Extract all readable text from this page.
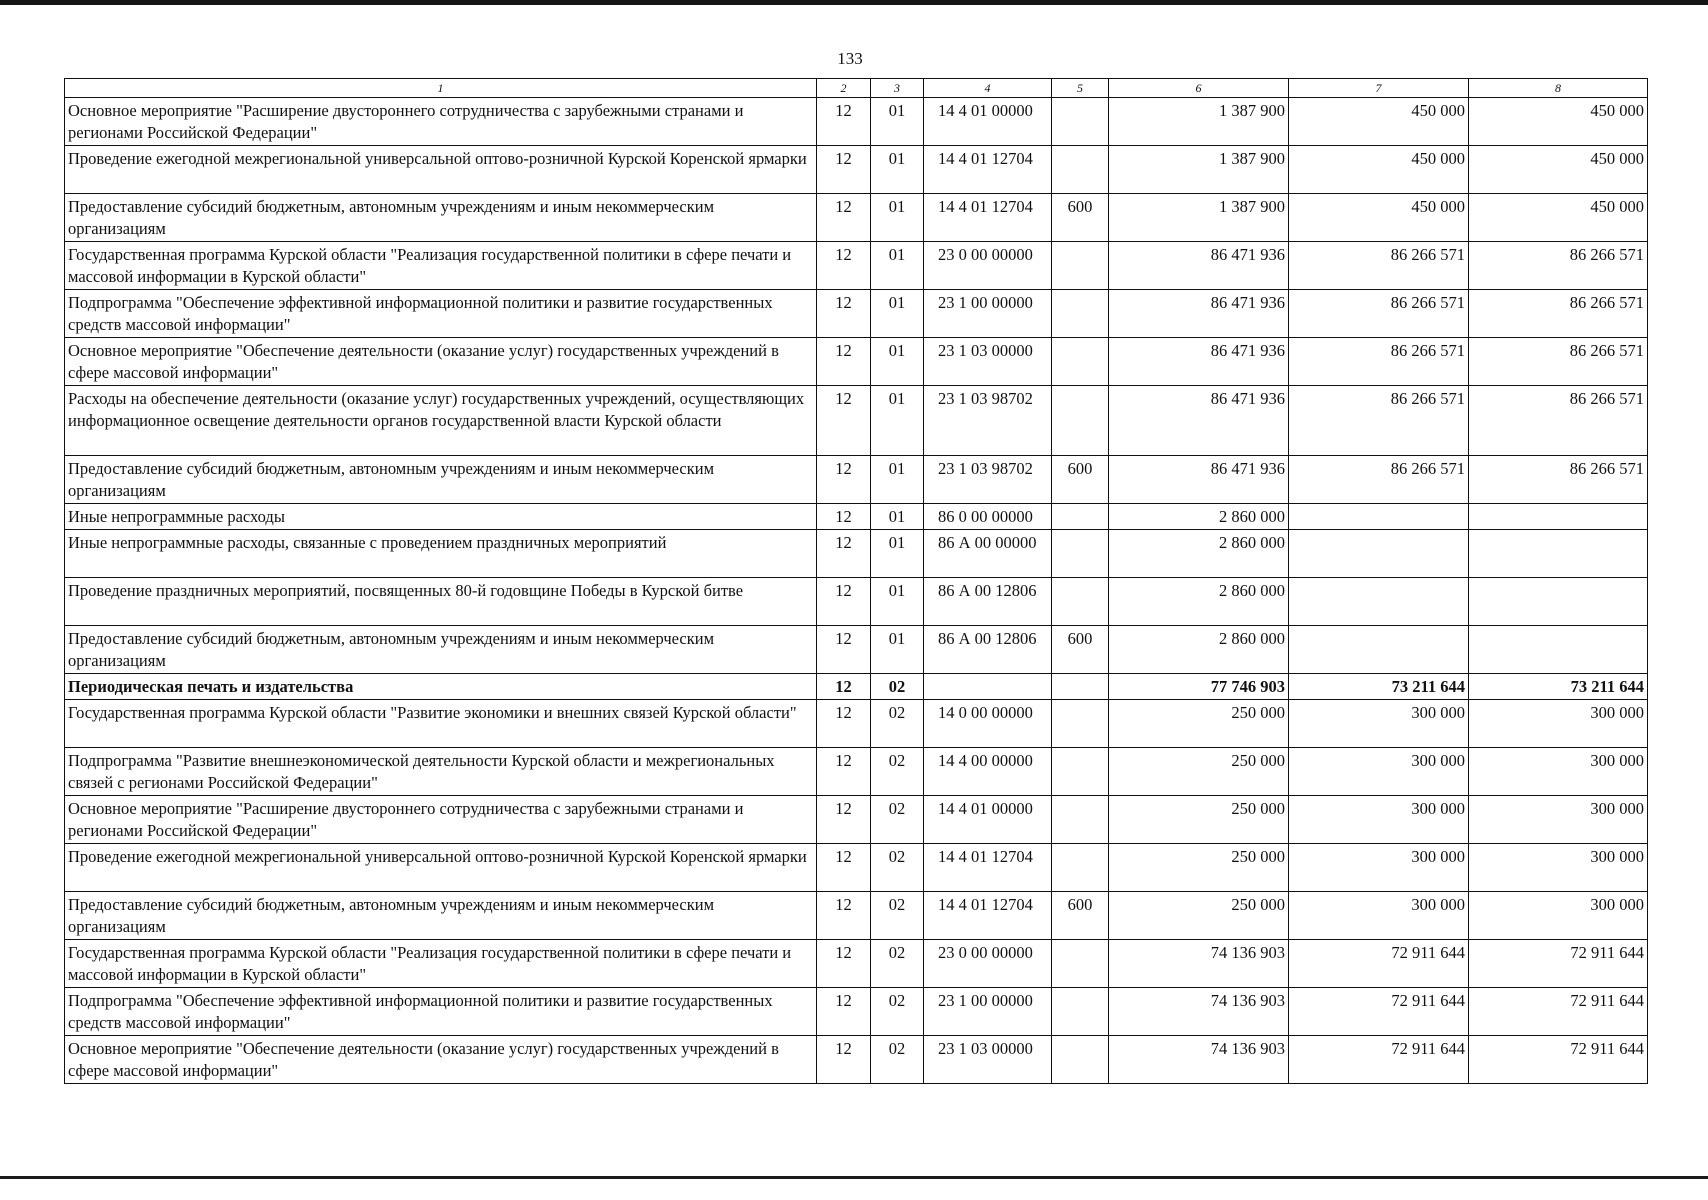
133
1	2	3	4	5	6	7	8
Основное мероприятие "Расширение двустороннего сотрудничества с зарубежными странами и регионами Российской Федерации"	12	01	14 4 01 00000		1 387 900	450 000	450 000
Проведение ежегодной межрегиональной универсальной оптово-розничной Курской Коренской ярмарки	12	01	14 4 01 12704		1 387 900	450 000	450 000
Предоставление субсидий бюджетным, автономным учреждениям и иным некоммерческим организациям	12	01	14 4 01 12704	600	1 387 900	450 000	450 000
Государственная программа Курской области "Реализация государственной политики в сфере печати и массовой информации в Курской области"	12	01	23 0 00 00000		86 471 936	86 266 571	86 266 571
Подпрограмма "Обеспечение эффективной информационной политики и развитие государственных средств массовой информации"	12	01	23 1 00 00000		86 471 936	86 266 571	86 266 571
Основное мероприятие "Обеспечение деятельности (оказание услуг) государственных учреждений в сфере массовой информации"	12	01	23 1 03 00000		86 471 936	86 266 571	86 266 571
Расходы на обеспечение деятельности (оказание услуг) государственных учреждений, осуществляющих информационное освещение деятельности органов государственной власти Курской области	12	01	23 1 03 98702		86 471 936	86 266 571	86 266 571
Предоставление субсидий бюджетным, автономным учреждениям и иным некоммерческим организациям	12	01	23 1 03 98702	600	86 471 936	86 266 571	86 266 571
Иные непрограммные расходы	12	01	86 0 00 00000		2 860 000		
Иные непрограммные расходы, связанные с проведением праздничных мероприятий	12	01	86 А 00 00000		2 860 000		
Проведение праздничных мероприятий, посвященных 80-й годовщине Победы в Курской битве	12	01	86 А 00 12806		2 860 000		
Предоставление субсидий бюджетным, автономным учреждениям и иным некоммерческим организациям	12	01	86 А 00 12806	600	2 860 000		
Периодическая печать и издательства	12	02			77 746 903	73 211 644	73 211 644
Государственная программа Курской области "Развитие экономики и внешних связей Курской области"	12	02	14 0 00 00000		250 000	300 000	300 000
Подпрограмма "Развитие внешнеэкономической деятельности Курской области и межрегиональных связей с регионами Российской Федерации"	12	02	14 4 00 00000		250 000	300 000	300 000
Основное мероприятие "Расширение двустороннего сотрудничества с зарубежными странами и регионами Российской Федерации"	12	02	14 4 01 00000		250 000	300 000	300 000
Проведение ежегодной межрегиональной универсальной оптово-розничной Курской Коренской ярмарки	12	02	14 4 01 12704		250 000	300 000	300 000
Предоставление субсидий бюджетным, автономным учреждениям и иным некоммерческим организациям	12	02	14 4 01 12704	600	250 000	300 000	300 000
Государственная программа Курской области "Реализация государственной политики в сфере печати и массовой информации в Курской области"	12	02	23 0 00 00000		74 136 903	72 911 644	72 911 644
Подпрограмма "Обеспечение эффективной информационной политики и развитие государственных средств массовой информации"	12	02	23 1 00 00000		74 136 903	72 911 644	72 911 644
Основное мероприятие "Обеспечение деятельности (оказание услуг) государственных учреждений в сфере массовой информации"	12	02	23 1 03 00000		74 136 903	72 911 644	72 911 644
